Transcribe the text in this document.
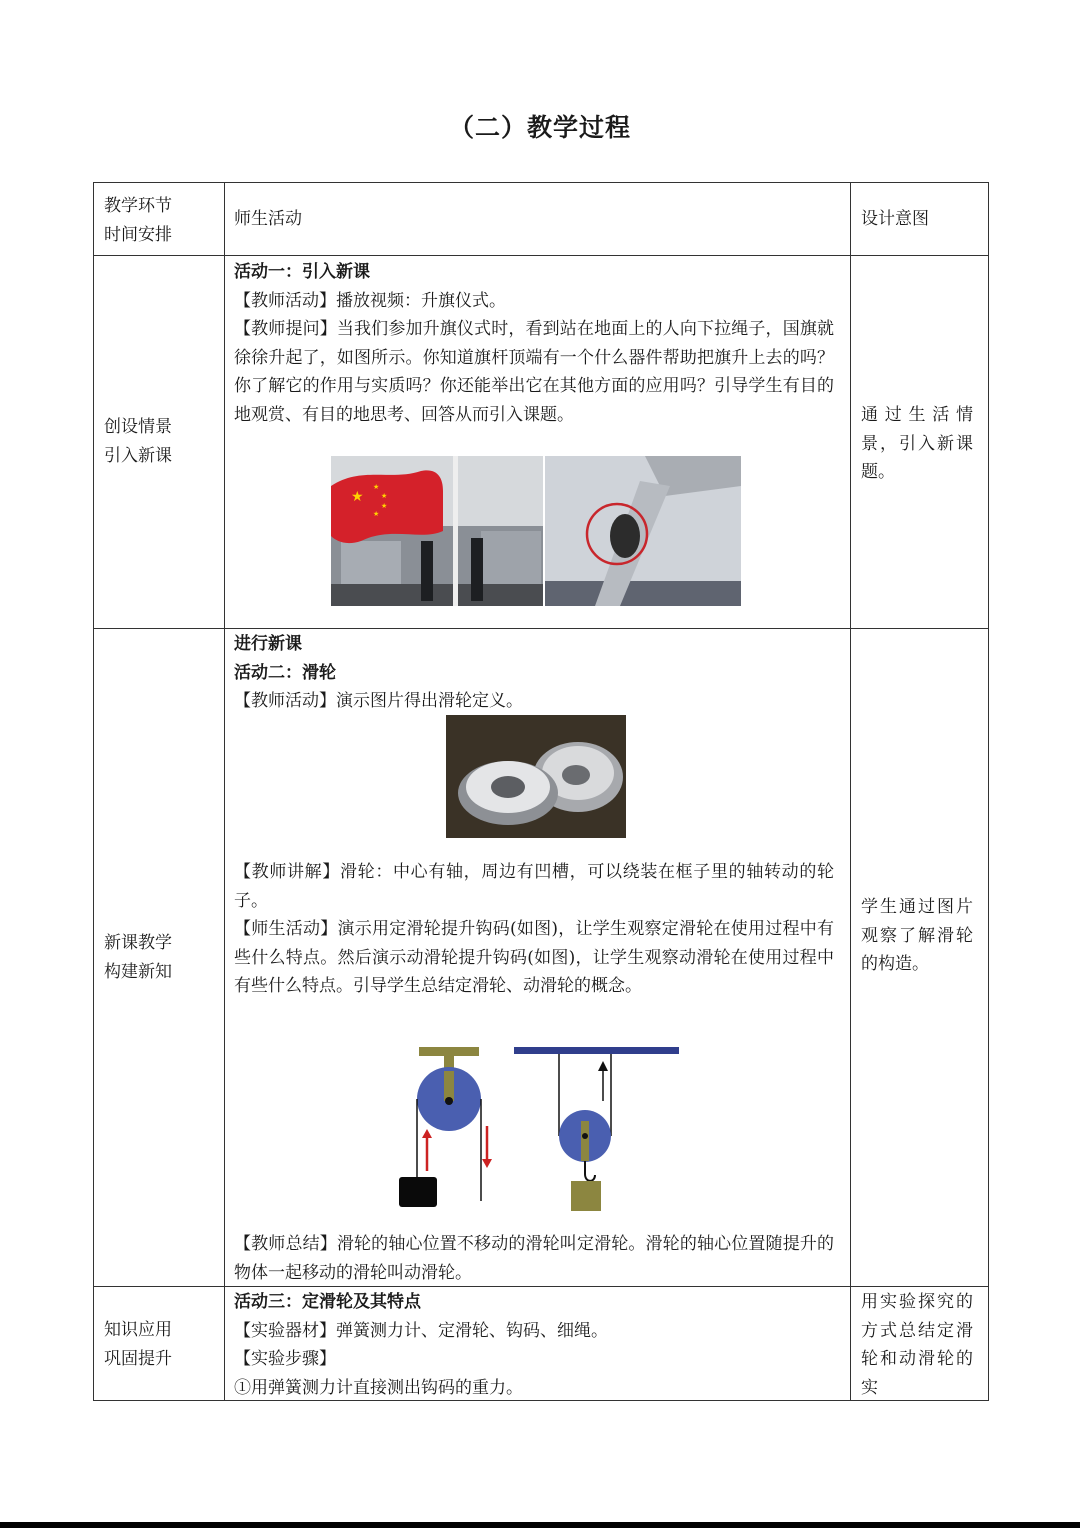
（二）教学过程
教学环节
时间安排
师生活动	设计意图
创设情景
引入新课
活动一：引入新课
【教师活动】播放视频：升旗仪式。
【教师提问】当我们参加升旗仪式时，看到站在地面上的人向下拉绳子，国旗就徐徐升起了，如图所示。你知道旗杆顶端有一个什么器件帮助把旗升上去的吗？你了解它的作用与实质吗？你还能举出它在其他方面的应用吗？引导学生有目的地观赏、有目的地思考、回答从而引入课题。	通过生活情景，引入新课题。
★
★
★
★
★
新课教学
构建新知
进行新课
活动二：滑轮
【教师活动】演示图片得出滑轮定义。
【教师讲解】滑轮：中心有轴，周边有凹槽，可以绕装在框子里的轴转动的轮子。
【师生活动】演示用定滑轮提升钩码(如图)，让学生观察定滑轮在使用过程中有些什么特点。然后演示动滑轮提升钩码(如图)，让学生观察动滑轮在使用过程中有些什么特点。引导学生总结定滑轮、动滑轮的概念。
【教师总结】滑轮的轴心位置不移动的滑轮叫定滑轮。滑轮的轴心位置随提升的物体一起移动的滑轮叫动滑轮。
学生通过图片观察了解滑轮的构造。
知识应用
巩固提升
活动三：定滑轮及其特点
【实验器材】弹簧测力计、定滑轮、钩码、细绳。
【实验步骤】
①用弹簧测力计直接测出钩码的重力。
用实验探究的方式总结定滑轮和动滑轮的实
